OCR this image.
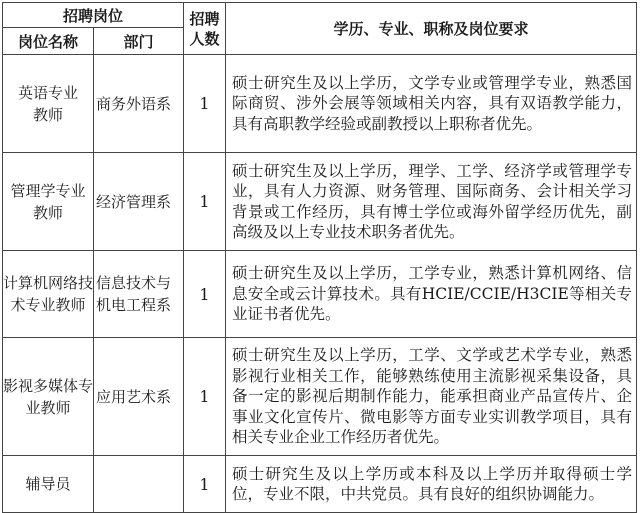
招聘岗位		招聘人数	学历、专业、职称及岗位要求
岗位名称	部门		
英语专业教师	商务外语系	1	硕士研究生及以上学历，文学专业或管理学专业，熟悉国际商贸、涉外会展等领域相关内容，具有双语教学能力，具有高职教学经验或副教授以上职称者优先。
管理学专业教师	经济管理系	1	硕士研究生及以上学历，理学、工学、经济学或管理学专业，具有人力资源、财务管理、国际商务、会计相关学习背景或工作经历，具有博士学位或海外留学经历优先，副高级及以上专业技术职务者优先。
计算机网络技术专业教师	信息技术与机电工程系	1	硕士研究生及以上学历，工学专业，熟悉计算机网络、信息安全或云计算技术。具有HCIE/CCIE/H3CIE等相关专业证书者优先。
影视多媒体专业教师	应用艺术系	1	硕士研究生及以上学历，工学、文学或艺术学专业，熟悉影视行业相关工作，能够熟练使用主流影视采集设备，具备一定的影视后期制作能力，能承担商业产品宣传片、企事业文化宣传片、微电影等方面专业实训教学项目，具有相关专业企业工作经历者优先。
辅导员		1	硕士研究生及以上学历或本科及以上学历并取得硕士学位，专业不限，中共党员。具有良好的组织协调能力。
